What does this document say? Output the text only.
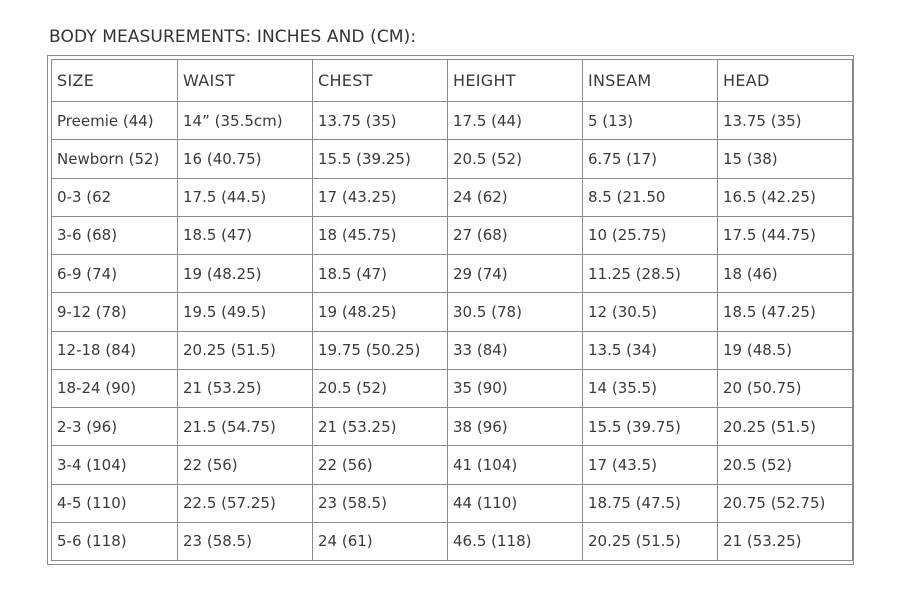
BODY MEASUREMENTS: INCHES AND (CM):
SIZE	WAIST	CHEST	HEIGHT	INSEAM	HEAD
Preemie (44)	14” (35.5cm)	13.75 (35)	17.5 (44)	5 (13)	13.75 (35)
Newborn (52)	16 (40.75)	15.5 (39.25)	20.5 (52)	6.75 (17)	15 (38)
0-3 (62	17.5 (44.5)	17 (43.25)	24 (62)	8.5 (21.50	16.5 (42.25)
3-6 (68)	18.5 (47)	18 (45.75)	27 (68)	10 (25.75)	17.5 (44.75)
6-9 (74)	19 (48.25)	18.5 (47)	29 (74)	11.25 (28.5)	18 (46)
9-12 (78)	19.5 (49.5)	19 (48.25)	30.5 (78)	12 (30.5)	18.5 (47.25)
12-18 (84)	20.25 (51.5)	19.75 (50.25)	33 (84)	13.5 (34)	19 (48.5)
18-24 (90)	21 (53.25)	20.5 (52)	35 (90)	14 (35.5)	20 (50.75)
2-3 (96)	21.5 (54.75)	21 (53.25)	38 (96)	15.5 (39.75)	20.25 (51.5)
3-4 (104)	22 (56)	22 (56)	41 (104)	17 (43.5)	20.5 (52)
4-5 (110)	22.5 (57.25)	23 (58.5)	44 (110)	18.75 (47.5)	20.75 (52.75)
5-6 (118)	23 (58.5)	24 (61)	46.5 (118)	20.25 (51.5)	21 (53.25)
